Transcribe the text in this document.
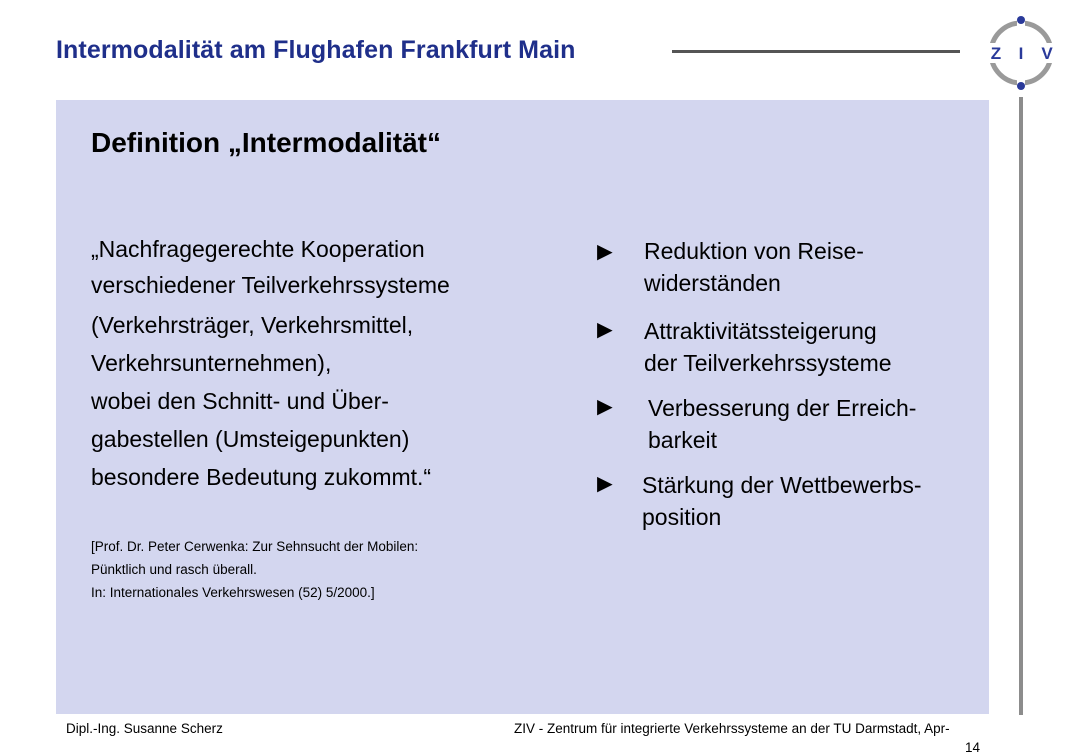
Intermodalität am Flughafen Frankfurt Main	Z I V
Definition „Intermodalität“
„Nachfragegerechte Kooperation
verschiedener Teilverkehrssysteme
(Verkehrsträger, Verkehrsmittel,
Verkehrsunternehmen),
wobei den Schnitt- und Über-
gabestellen (Umsteigepunkten)
besondere Bedeutung zukommt.“
[Prof. Dr. Peter Cerwenka: Zur Sehnsucht der Mobilen:
Pünktlich und rasch überall.
In: Internationales Verkehrswesen (52) 5/2000.]
► Reduktion von Reise-
widerständen
► Attraktivitätssteigerung
der Teilverkehrssysteme
► Verbesserung der Erreich-
barkeit
► Stärkung der Wettbewerbs-
position
Dipl.-Ing. Susanne Scherz	ZIV - Zentrum für integrierte Verkehrssysteme an der TU Darmstadt, Apr-
14
